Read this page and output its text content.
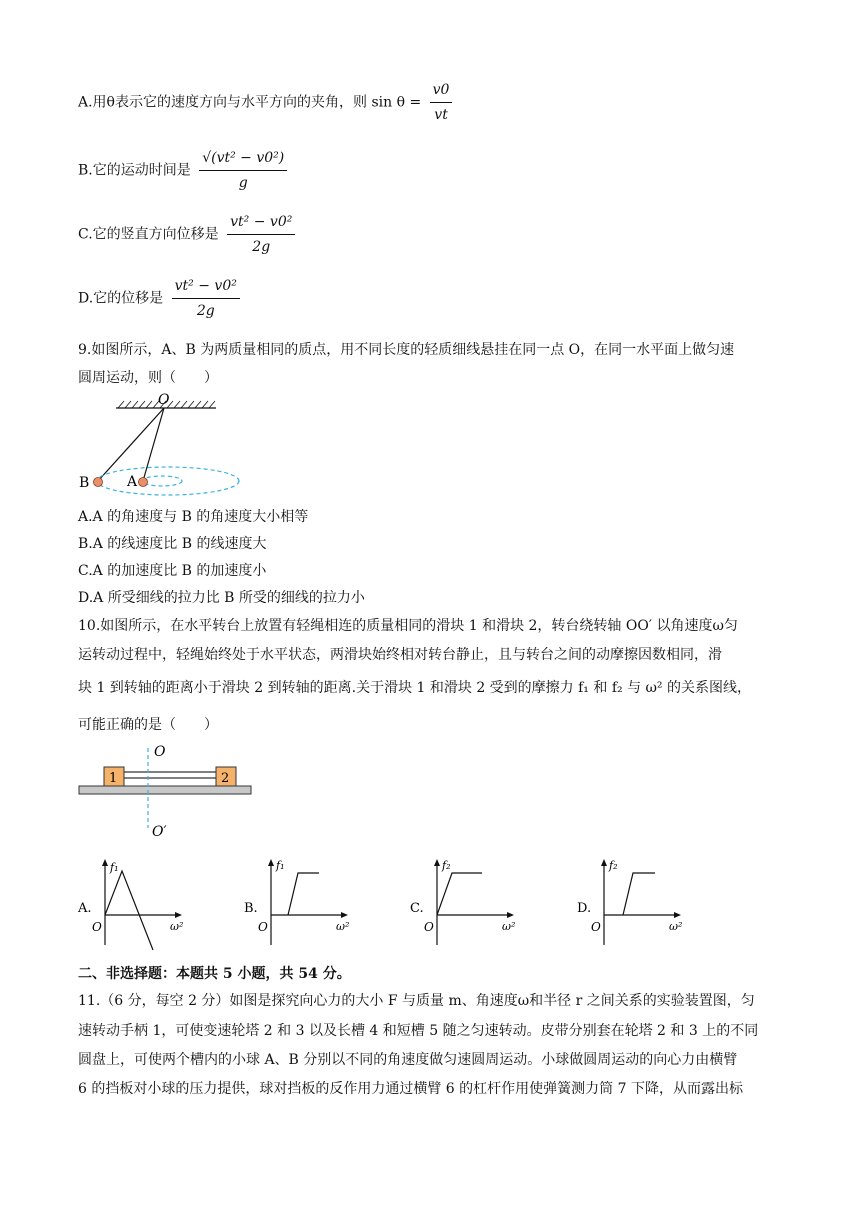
A.用θ表示它的速度方向与水平方向的夹角，则 $\sin \theta = \frac{v0}{vt}$
B.它的运动时间是 $\frac{\text{√(vt² − v0²)}}{g}$
C.它的竖直方向位移是 $\frac{\text{vt² − v0²}}{2g}$
D.它的位移是 $\frac{\text{vt² − v0²}}{2g}$
9.如图所示，A、B 为两质量相同的质点，用不同长度的轻质细线悬挂在同一点 O，在同一水平面上做匀速
圆周运动，则（　　）
O
B	A
A.A 的角速度与 B 的角速度大小相等
B.A 的线速度比 B 的线速度大
C.A 的加速度比 B 的加速度小
D.A 所受细线的拉力比 B 所受的细线的拉力小
10.如图所示，在水平转台上放置有轻绳相连的质量相同的滑块 1 和滑块 2，转台绕转轴 OO′ 以角速度ω匀
运转动过程中，轻绳始终处于水平状态，两滑块始终相对转台静止，且与转台之间的动摩擦因数相同，滑
块 1 到转轴的距离小于滑块 2 到转轴的距离.关于滑块 1 和滑块 2 受到的摩擦力 f₁ 和 f₂ 与 ω² 的关系图线，
可能正确的是（　　）
1	2
O
O′
A.
f₁
ω²
O
B.
f₁
ω²
O
C.
f₂
ω²
O
D.
f₂
ω²
O
二、非选择题：本题共 5 小题，共 54 分。
11.（6 分，每空 2 分）如图是探究向心力的大小 F 与质量 m、角速度ω和半径 r 之间关系的实验装置图，匀
速转动手柄 1，可使变速轮塔 2 和 3 以及长槽 4 和短槽 5 随之匀速转动。皮带分别套在轮塔 2 和 3 上的不同
圆盘上，可使两个槽内的小球 A、B 分别以不同的角速度做匀速圆周运动。小球做圆周运动的向心力由横臂
6 的挡板对小球的压力提供，球对挡板的反作用力通过横臂 6 的杠杆作用使弹簧测力筒 7 下降，从而露出标
